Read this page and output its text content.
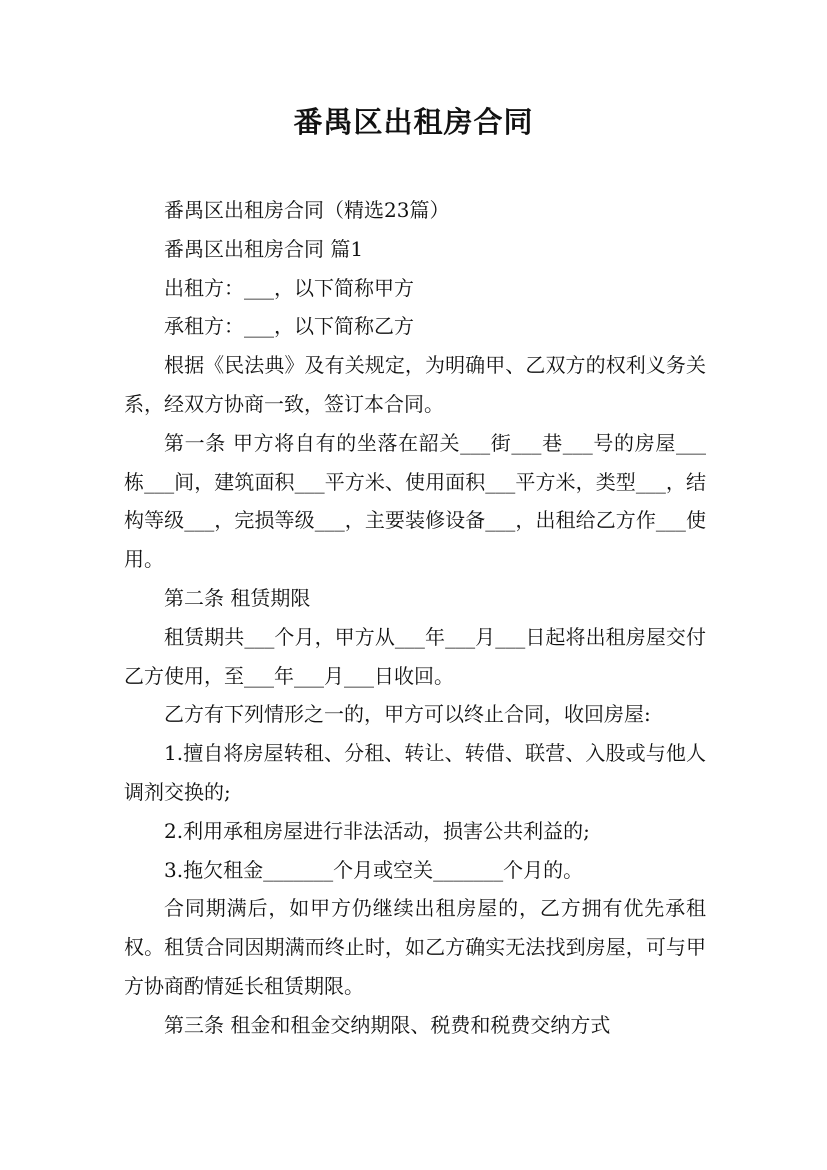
番禺区出租房合同

番禺区出租房合同（精选23篇）

番禺区出租房合同 篇1

出租方：___，以下简称甲方

承租方：___，以下简称乙方

根据《民法典》及有关规定，为明确甲、乙双方的权利义务关系，经双方协商一致，签订本合同。

第一条 甲方将自有的坐落在韶关___街___巷___号的房屋___栋___间，建筑面积___平方米、使用面积___平方米，类型___，结构等级___，完损等级___，主要装修设备___，出租给乙方作___使用。

第二条 租赁期限

租赁期共___个月，甲方从___年___月___日起将出租房屋交付乙方使用，至___年___月___日收回。

乙方有下列情形之一的，甲方可以终止合同，收回房屋:

1.擅自将房屋转租、分租、转让、转借、联营、入股或与他人调剂交换的;

2.利用承租房屋进行非法活动，损害公共利益的;

3.拖欠租金_______个月或空关_______个月的。

合同期满后，如甲方仍继续出租房屋的，乙方拥有优先承租权。租赁合同因期满而终止时，如乙方确实无法找到房屋，可与甲方协商酌情延长租赁期限。

第三条 租金和租金交纳期限、税费和税费交纳方式
